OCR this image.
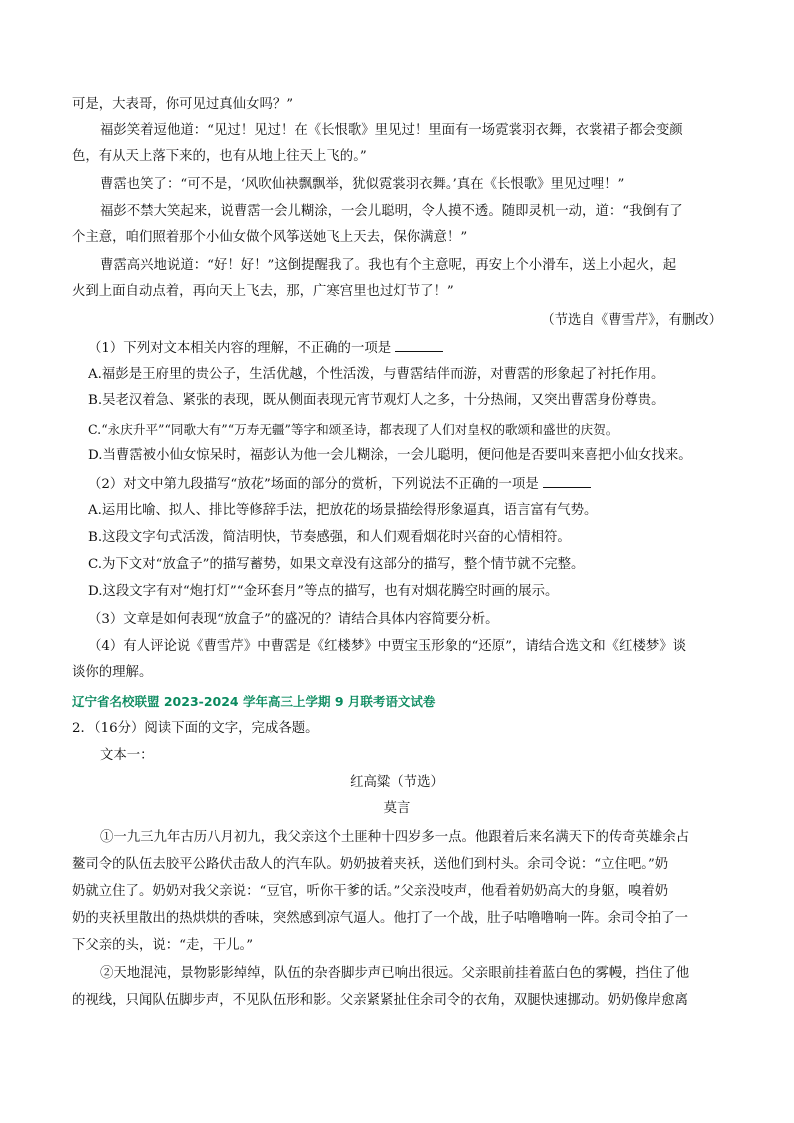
可是，大表哥，你可见过真仙女吗？”
福彭笑着逗他道：“见过！见过！在《长恨歌》里见过！里面有一场霓裳羽衣舞，衣裳裙子都会变颜
色，有从天上落下来的，也有从地上往天上飞的。”
曹霑也笑了：“可不是，‘风吹仙袂飘飘举，犹似霓裳羽衣舞。’真在《长恨歌》里见过哩！”
福彭不禁大笑起来，说曹霑一会儿糊涂，一会儿聪明，令人摸不透。随即灵机一动，道：“我倒有了
个主意，咱们照着那个小仙女做个风筝送她飞上天去，保你满意！”
曹霑高兴地说道：“好！好！”这倒提醒我了。我也有个主意呢，再安上个小滑车，送上小起火，起
火到上面自动点着，再向天上飞去，那，广寒宫里也过灯节了！”
（节选自《曹雪芹》，有删改）
（1）下列对文本相关内容的理解，不正确的一项是
A.福彭是王府里的贵公子，生活优越，个性活泼，与曹霑结伴而游，对曹霑的形象起了衬托作用。
B.吴老汉着急、紧张的表现，既从侧面表现元宵节观灯人之多，十分热闹，又突出曹霑身份尊贵。
C.“永庆升平”“同歌大有”“万寿无疆”等字和颂圣诗，都表现了人们对皇权的歌颂和盛世的庆贺。
D.当曹霑被小仙女惊呆时，福彭认为他一会儿糊涂，一会儿聪明，便问他是否要叫来喜把小仙女找来。
（2）对文中第九段描写“放花”场面的部分的赏析，下列说法不正确的一项是
A.运用比喻、拟人、排比等修辞手法，把放花的场景描绘得形象逼真，语言富有气势。
B.这段文字句式活泼，简洁明快，节奏感强，和人们观看烟花时兴奋的心情相符。
C.为下文对“放盒子”的描写蓄势，如果文章没有这部分的描写，整个情节就不完整。
D.这段文字有对“炮打灯”“金环套月”等点的描写，也有对烟花腾空时画的展示。
（3）文章是如何表现“放盒子”的盛况的？请结合具体内容简要分析。
（4）有人评论说《曹雪芹》中曹霑是《红楼梦》中贾宝玉形象的“还原”，请结合选文和《红楼梦》谈
谈你的理解。
辽宁省名校联盟 2023-2024 学年高三上学期 9 月联考语文试卷
2．（16分）阅读下面的文字，完成各题。
文本一：
红高粱（节选）
莫言
①一九三九年古历八月初九，我父亲这个土匪种十四岁多一点。他跟着后来名满天下的传奇英雄余占
鳌司令的队伍去胶平公路伏击敌人的汽车队。奶奶披着夹袄，送他们到村头。余司令说：“立住吧。”奶
奶就立住了。奶奶对我父亲说：“豆官，听你干爹的话。”父亲没吱声，他看着奶奶高大的身躯，嗅着奶
奶的夹袄里散出的热烘烘的香味，突然感到凉气逼人。他打了一个战，肚子咕噜噜响一阵。余司令拍了一
下父亲的头，说：“走，干儿。”
②天地混沌，景物影影绰绰，队伍的杂沓脚步声已响出很远。父亲眼前挂着蓝白色的雾幔，挡住了他
的视线，只闻队伍脚步声，不见队伍形和影。父亲紧紧扯住余司令的衣角，双腿快速挪动。奶奶像岸愈离
